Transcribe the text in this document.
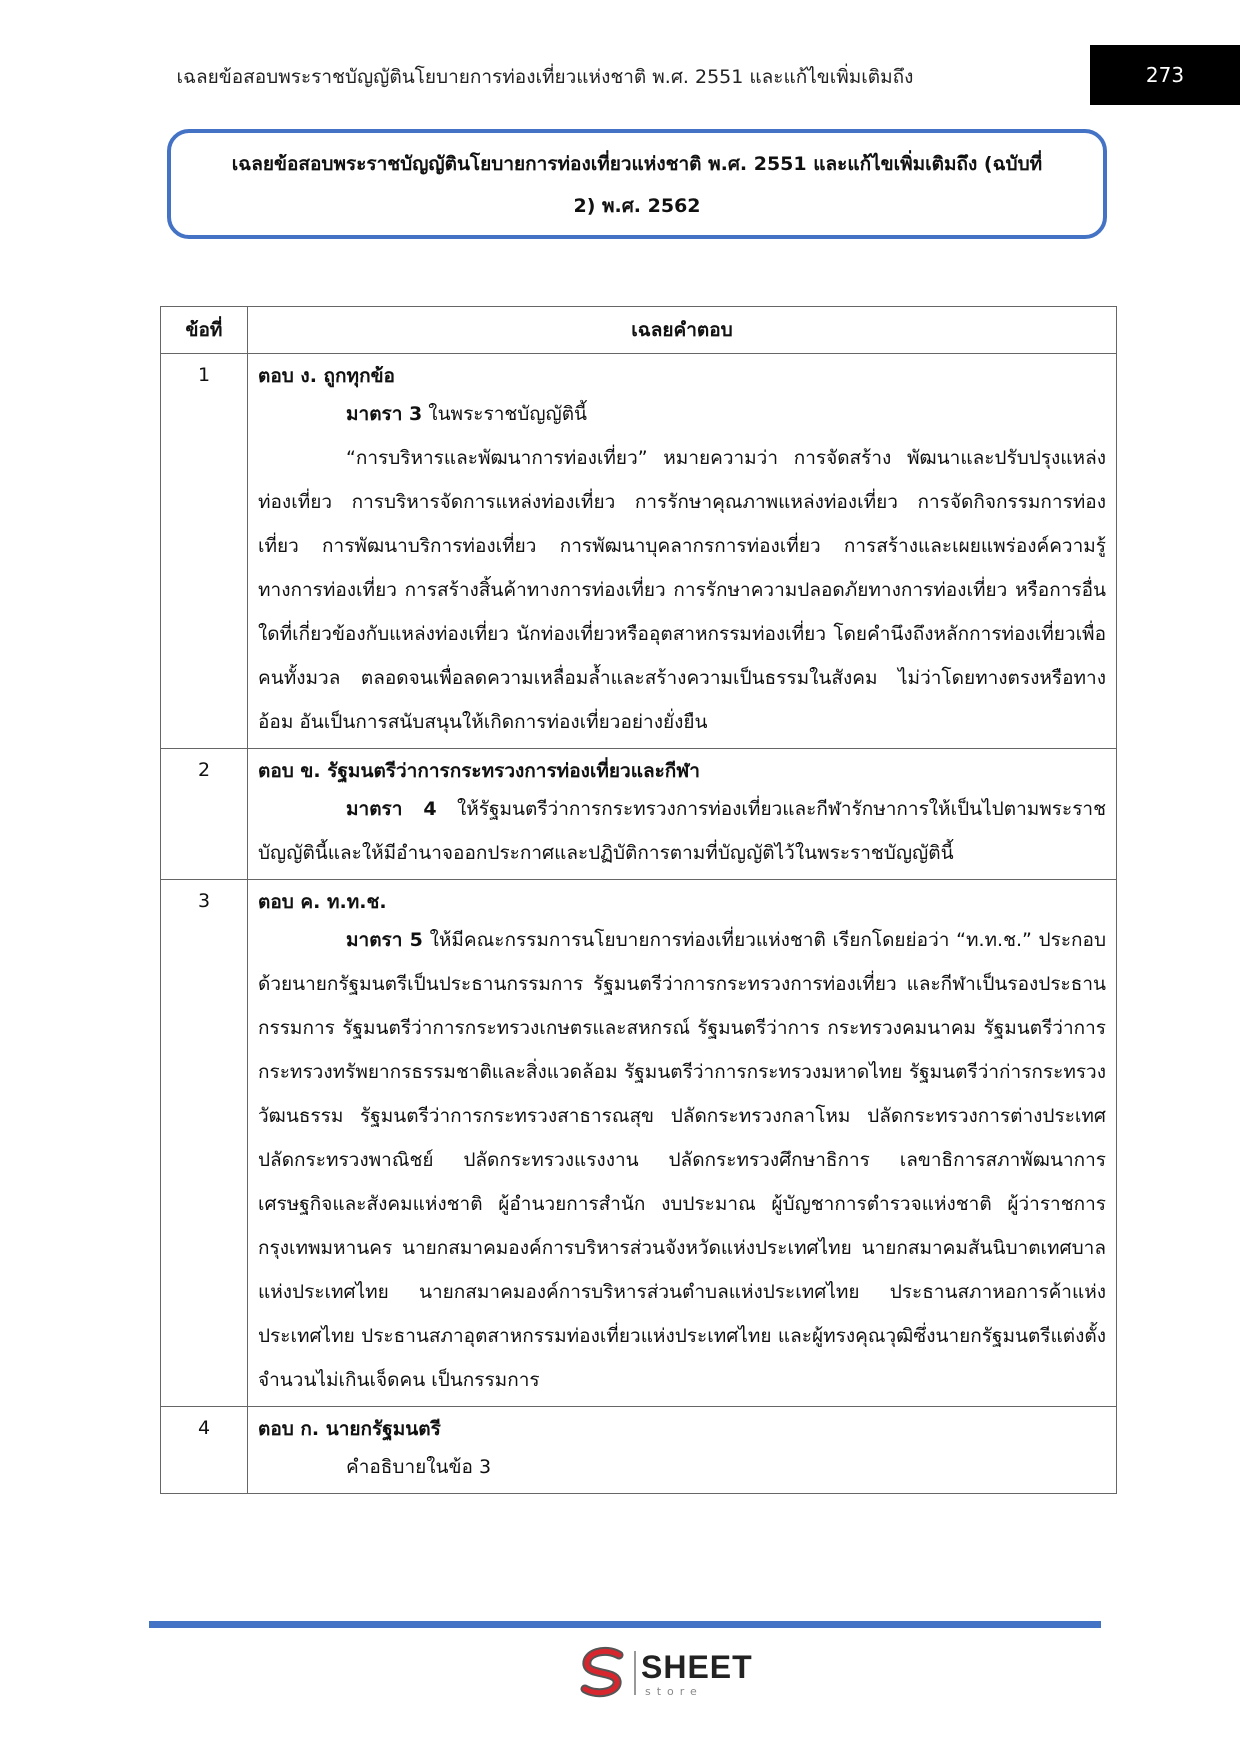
เฉลยข้อสอบพระราชบัญญัตินโยบายการท่องเที่ยวแห่งชาติ พ.ศ. 2551 และแก้ไขเพิ่มเติมถึง	273
เฉลยข้อสอบพระราชบัญญัตินโยบายการท่องเที่ยวแห่งชาติ พ.ศ. 2551 และแก้ไขเพิ่มเติมถึง (ฉบับที่
2) พ.ศ. 2562
ข้อที่	เฉลยคำตอบ
1	ตอบ ง. ถูกทุกข้อ

มาตรา 3 ในพระราชบัญญัตินี้

“การบริหารและพัฒนาการท่องเที่ยว” หมายความว่า การจัดสร้าง พัฒนาและปรับปรุงแหล่งท่องเที่ยว การบริหารจัดการแหล่งท่องเที่ยว การรักษาคุณภาพแหล่งท่องเที่ยว การจัดกิจกรรมการท่องเที่ยว การพัฒนาบริการท่องเที่ยว การพัฒนาบุคลากรการท่องเที่ยว การสร้างและเผยแพร่องค์ความรู้ทางการท่องเที่ยว การสร้างสิ้นค้าทางการท่องเที่ยว การรักษาความปลอดภัยทางการท่องเที่ยว หรือการอื่นใดที่เกี่ยวข้องกับแหล่งท่องเที่ยว นักท่องเที่ยวหรืออุตสาหกรรมท่องเที่ยว โดยคำนึงถึงหลักการท่องเที่ยวเพื่อคนทั้งมวล ตลอดจนเพื่อลดความเหลื่อมล้ำและสร้างความเป็นธรรมในสังคม ไม่ว่าโดยทางตรงหรือทางอ้อม อันเป็นการสนับสนุนให้เกิดการท่องเที่ยวอย่างยั่งยืน

2	ตอบ ข. รัฐมนตรีว่าการกระทรวงการท่องเที่ยวและกีฬา

มาตรา 4 ให้รัฐมนตรีว่าการกระทรวงการท่องเที่ยวและกีฬารักษาการให้เป็นไปตามพระราชบัญญัตินี้และให้มีอำนาจออกประกาศและปฏิบัติการตามที่บัญญัติไว้ในพระราชบัญญัตินี้

3	ตอบ ค. ท.ท.ช.

มาตรา 5 ให้มีคณะกรรมการนโยบายการท่องเที่ยวแห่งชาติ เรียกโดยย่อว่า “ท.ท.ช.” ประกอบด้วยนายกรัฐมนตรีเป็นประธานกรรมการ รัฐมนตรีว่าการกระทรวงการท่องเที่ยว และกีฬาเป็นรองประธานกรรมการ รัฐมนตรีว่าการกระทรวงเกษตรและสหกรณ์ รัฐมนตรีว่าการ กระทรวงคมนาคม รัฐมนตรีว่าการกระทรวงทรัพยากรธรรมชาติและสิ่งแวดล้อม รัฐมนตรีว่าการกระทรวงมหาดไทย รัฐมนตรีว่าก่ารกระทรวงวัฒนธรรม รัฐมนตรีว่าการกระทรวงสาธารณสุข ปลัดกระทรวงกลาโหม ปลัดกระทรวงการต่างประเทศ ปลัดกระทรวงพาณิชย์ ปลัดกระทรวงแรงงาน ปลัดกระทรวงศึกษาธิการ เลขาธิการสภาพัฒนาการเศรษฐกิจและสังคมแห่งชาติ ผู้อำนวยการสำนัก งบประมาณ ผู้บัญชาการตำรวจแห่งชาติ ผู้ว่าราชการกรุงเทพมหานคร นายกสมาคมองค์การบริหารส่วนจังหวัดแห่งประเทศไทย นายกสมาคมสันนิบาตเทศบาลแห่งประเทศไทย นายกสมาคมองค์การบริหารส่วนตำบลแห่งประเทศไทย ประธานสภาหอการค้าแห่งประเทศไทย ประธานสภาอุตสาหกรรมท่องเที่ยวแห่งประเทศไทย และผู้ทรงคุณวุฒิซึ่งนายกรัฐมนตรีแต่งตั้งจำนวนไม่เกินเจ็ดคน เป็นกรรมการ

4	ตอบ ก. นายกรัฐมนตรี

คำอธิบายในข้อ 3

SHEET
store
